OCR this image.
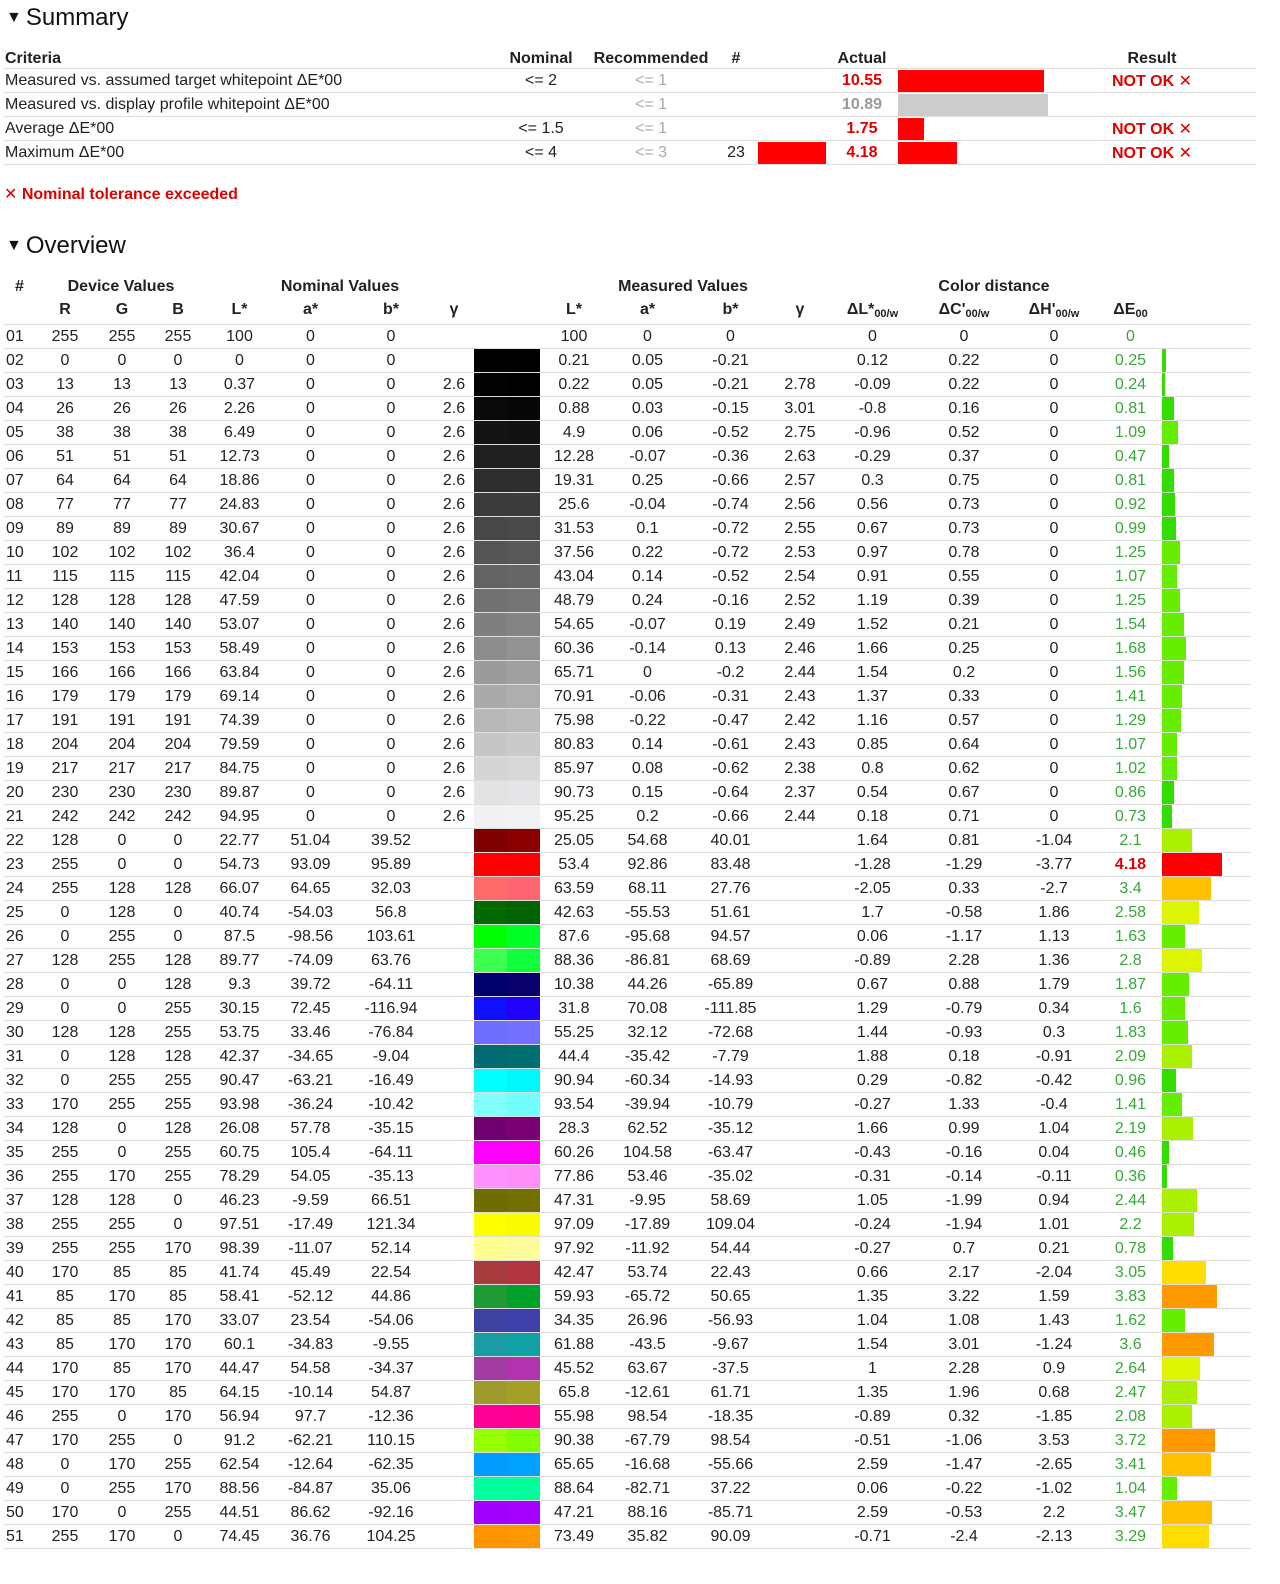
▼ Summary
Criteria	Nominal	Recommended	#		Actual		Result
Measured vs. assumed target whitepoint ΔE*00	<= 2	<= 1			10.55		NOT OK ✕
Measured vs. display profile whitepoint ΔE*00		<= 1			10.89	

Average ΔE*00	<= 1.5	<= 1			1.75		NOT OK ✕
Maximum ΔE*00	<= 4	<= 3	23		4.18		NOT OK ✕
✕ Nominal tolerance exceeded
▼ Overview
#	Device Values			Nominal Values					Measured Values				Color distance				
	R	G	B	L*	a*	b*	γ		L*	a*	b*	γ	$\Delta L*_{00/w}$	$\Delta C'_{00/w}$	$\Delta H'_{00/w}$	$\Delta E_{00}$	
01	255	255	255	100	0	0			100	0	0		0	0	0	0	
02	0	0	0	0	0	0			0.21	0.05	-0.21		0.12	0.22	0	0.25	

03	13	13	13	0.37	0	0	2.6		0.22	0.05	-0.21	2.78	-0.09	0.22	0	0.24	

04	26	26	26	2.26	0	0	2.6		0.88	0.03	-0.15	3.01	-0.8	0.16	0	0.81	

05	38	38	38	6.49	0	0	2.6		4.9	0.06	-0.52	2.75	-0.96	0.52	0	1.09	

06	51	51	51	12.73	0	0	2.6		12.28	-0.07	-0.36	2.63	-0.29	0.37	0	0.47	

07	64	64	64	18.86	0	0	2.6		19.31	0.25	-0.66	2.57	0.3	0.75	0	0.81	

08	77	77	77	24.83	0	0	2.6		25.6	-0.04	-0.74	2.56	0.56	0.73	0	0.92	

09	89	89	89	30.67	0	0	2.6		31.53	0.1	-0.72	2.55	0.67	0.73	0	0.99	

10	102	102	102	36.4	0	0	2.6		37.56	0.22	-0.72	2.53	0.97	0.78	0	1.25	

11	115	115	115	42.04	0	0	2.6		43.04	0.14	-0.52	2.54	0.91	0.55	0	1.07	

12	128	128	128	47.59	0	0	2.6		48.79	0.24	-0.16	2.52	1.19	0.39	0	1.25	

13	140	140	140	53.07	0	0	2.6		54.65	-0.07	0.19	2.49	1.52	0.21	0	1.54	

14	153	153	153	58.49	0	0	2.6		60.36	-0.14	0.13	2.46	1.66	0.25	0	1.68	

15	166	166	166	63.84	0	0	2.6		65.71	0	-0.2	2.44	1.54	0.2	0	1.56	

16	179	179	179	69.14	0	0	2.6		70.91	-0.06	-0.31	2.43	1.37	0.33	0	1.41	

17	191	191	191	74.39	0	0	2.6		75.98	-0.22	-0.47	2.42	1.16	0.57	0	1.29	

18	204	204	204	79.59	0	0	2.6		80.83	0.14	-0.61	2.43	0.85	0.64	0	1.07	

19	217	217	217	84.75	0	0	2.6		85.97	0.08	-0.62	2.38	0.8	0.62	0	1.02	

20	230	230	230	89.87	0	0	2.6		90.73	0.15	-0.64	2.37	0.54	0.67	0	0.86	

21	242	242	242	94.95	0	0	2.6		95.25	0.2	-0.66	2.44	0.18	0.71	0	0.73	

22	128	0	0	22.77	51.04	39.52			25.05	54.68	40.01		1.64	0.81	-1.04	2.1	

23	255	0	0	54.73	93.09	95.89			53.4	92.86	83.48		-1.28	-1.29	-3.77	4.18	

24	255	128	128	66.07	64.65	32.03			63.59	68.11	27.76		-2.05	0.33	-2.7	3.4	

25	0	128	0	40.74	-54.03	56.8			42.63	-55.53	51.61		1.7	-0.58	1.86	2.58	

26	0	255	0	87.5	-98.56	103.61			87.6	-95.68	94.57		0.06	-1.17	1.13	1.63	

27	128	255	128	89.77	-74.09	63.76			88.36	-86.81	68.69		-0.89	2.28	1.36	2.8	

28	0	0	128	9.3	39.72	-64.11			10.38	44.26	-65.89		0.67	0.88	1.79	1.87	

29	0	0	255	30.15	72.45	-116.94			31.8	70.08	-111.85		1.29	-0.79	0.34	1.6	

30	128	128	255	53.75	33.46	-76.84			55.25	32.12	-72.68		1.44	-0.93	0.3	1.83	

31	0	128	128	42.37	-34.65	-9.04			44.4	-35.42	-7.79		1.88	0.18	-0.91	2.09	

32	0	255	255	90.47	-63.21	-16.49			90.94	-60.34	-14.93		0.29	-0.82	-0.42	0.96	

33	170	255	255	93.98	-36.24	-10.42			93.54	-39.94	-10.79		-0.27	1.33	-0.4	1.41	

34	128	0	128	26.08	57.78	-35.15			28.3	62.52	-35.12		1.66	0.99	1.04	2.19	

35	255	0	255	60.75	105.4	-64.11			60.26	104.58	-63.47		-0.43	-0.16	0.04	0.46	

36	255	170	255	78.29	54.05	-35.13			77.86	53.46	-35.02		-0.31	-0.14	-0.11	0.36	

37	128	128	0	46.23	-9.59	66.51			47.31	-9.95	58.69		1.05	-1.99	0.94	2.44	

38	255	255	0	97.51	-17.49	121.34			97.09	-17.89	109.04		-0.24	-1.94	1.01	2.2	

39	255	255	170	98.39	-11.07	52.14			97.92	-11.92	54.44		-0.27	0.7	0.21	0.78	

40	170	85	85	41.74	45.49	22.54			42.47	53.74	22.43		0.66	2.17	-2.04	3.05	

41	85	170	85	58.41	-52.12	44.86			59.93	-65.72	50.65		1.35	3.22	1.59	3.83	

42	85	85	170	33.07	23.54	-54.06			34.35	26.96	-56.93		1.04	1.08	1.43	1.62	

43	85	170	170	60.1	-34.83	-9.55			61.88	-43.5	-9.67		1.54	3.01	-1.24	3.6	

44	170	85	170	44.47	54.58	-34.37			45.52	63.67	-37.5		1	2.28	0.9	2.64	

45	170	170	85	64.15	-10.14	54.87			65.8	-12.61	61.71		1.35	1.96	0.68	2.47	

46	255	0	170	56.94	97.7	-12.36			55.98	98.54	-18.35		-0.89	0.32	-1.85	2.08	

47	170	255	0	91.2	-62.21	110.15			90.38	-67.79	98.54		-0.51	-1.06	3.53	3.72	

48	0	170	255	62.54	-12.64	-62.35			65.65	-16.68	-55.66		2.59	-1.47	-2.65	3.41	

49	0	255	170	88.56	-84.87	35.06			88.64	-82.71	37.22		0.06	-0.22	-1.02	1.04	

50	170	0	255	44.51	86.62	-92.16			47.21	88.16	-85.71		2.59	-0.53	2.2	3.47	

51	255	170	0	74.45	36.76	104.25			73.49	35.82	90.09		-0.71	-2.4	-2.13	3.29	
